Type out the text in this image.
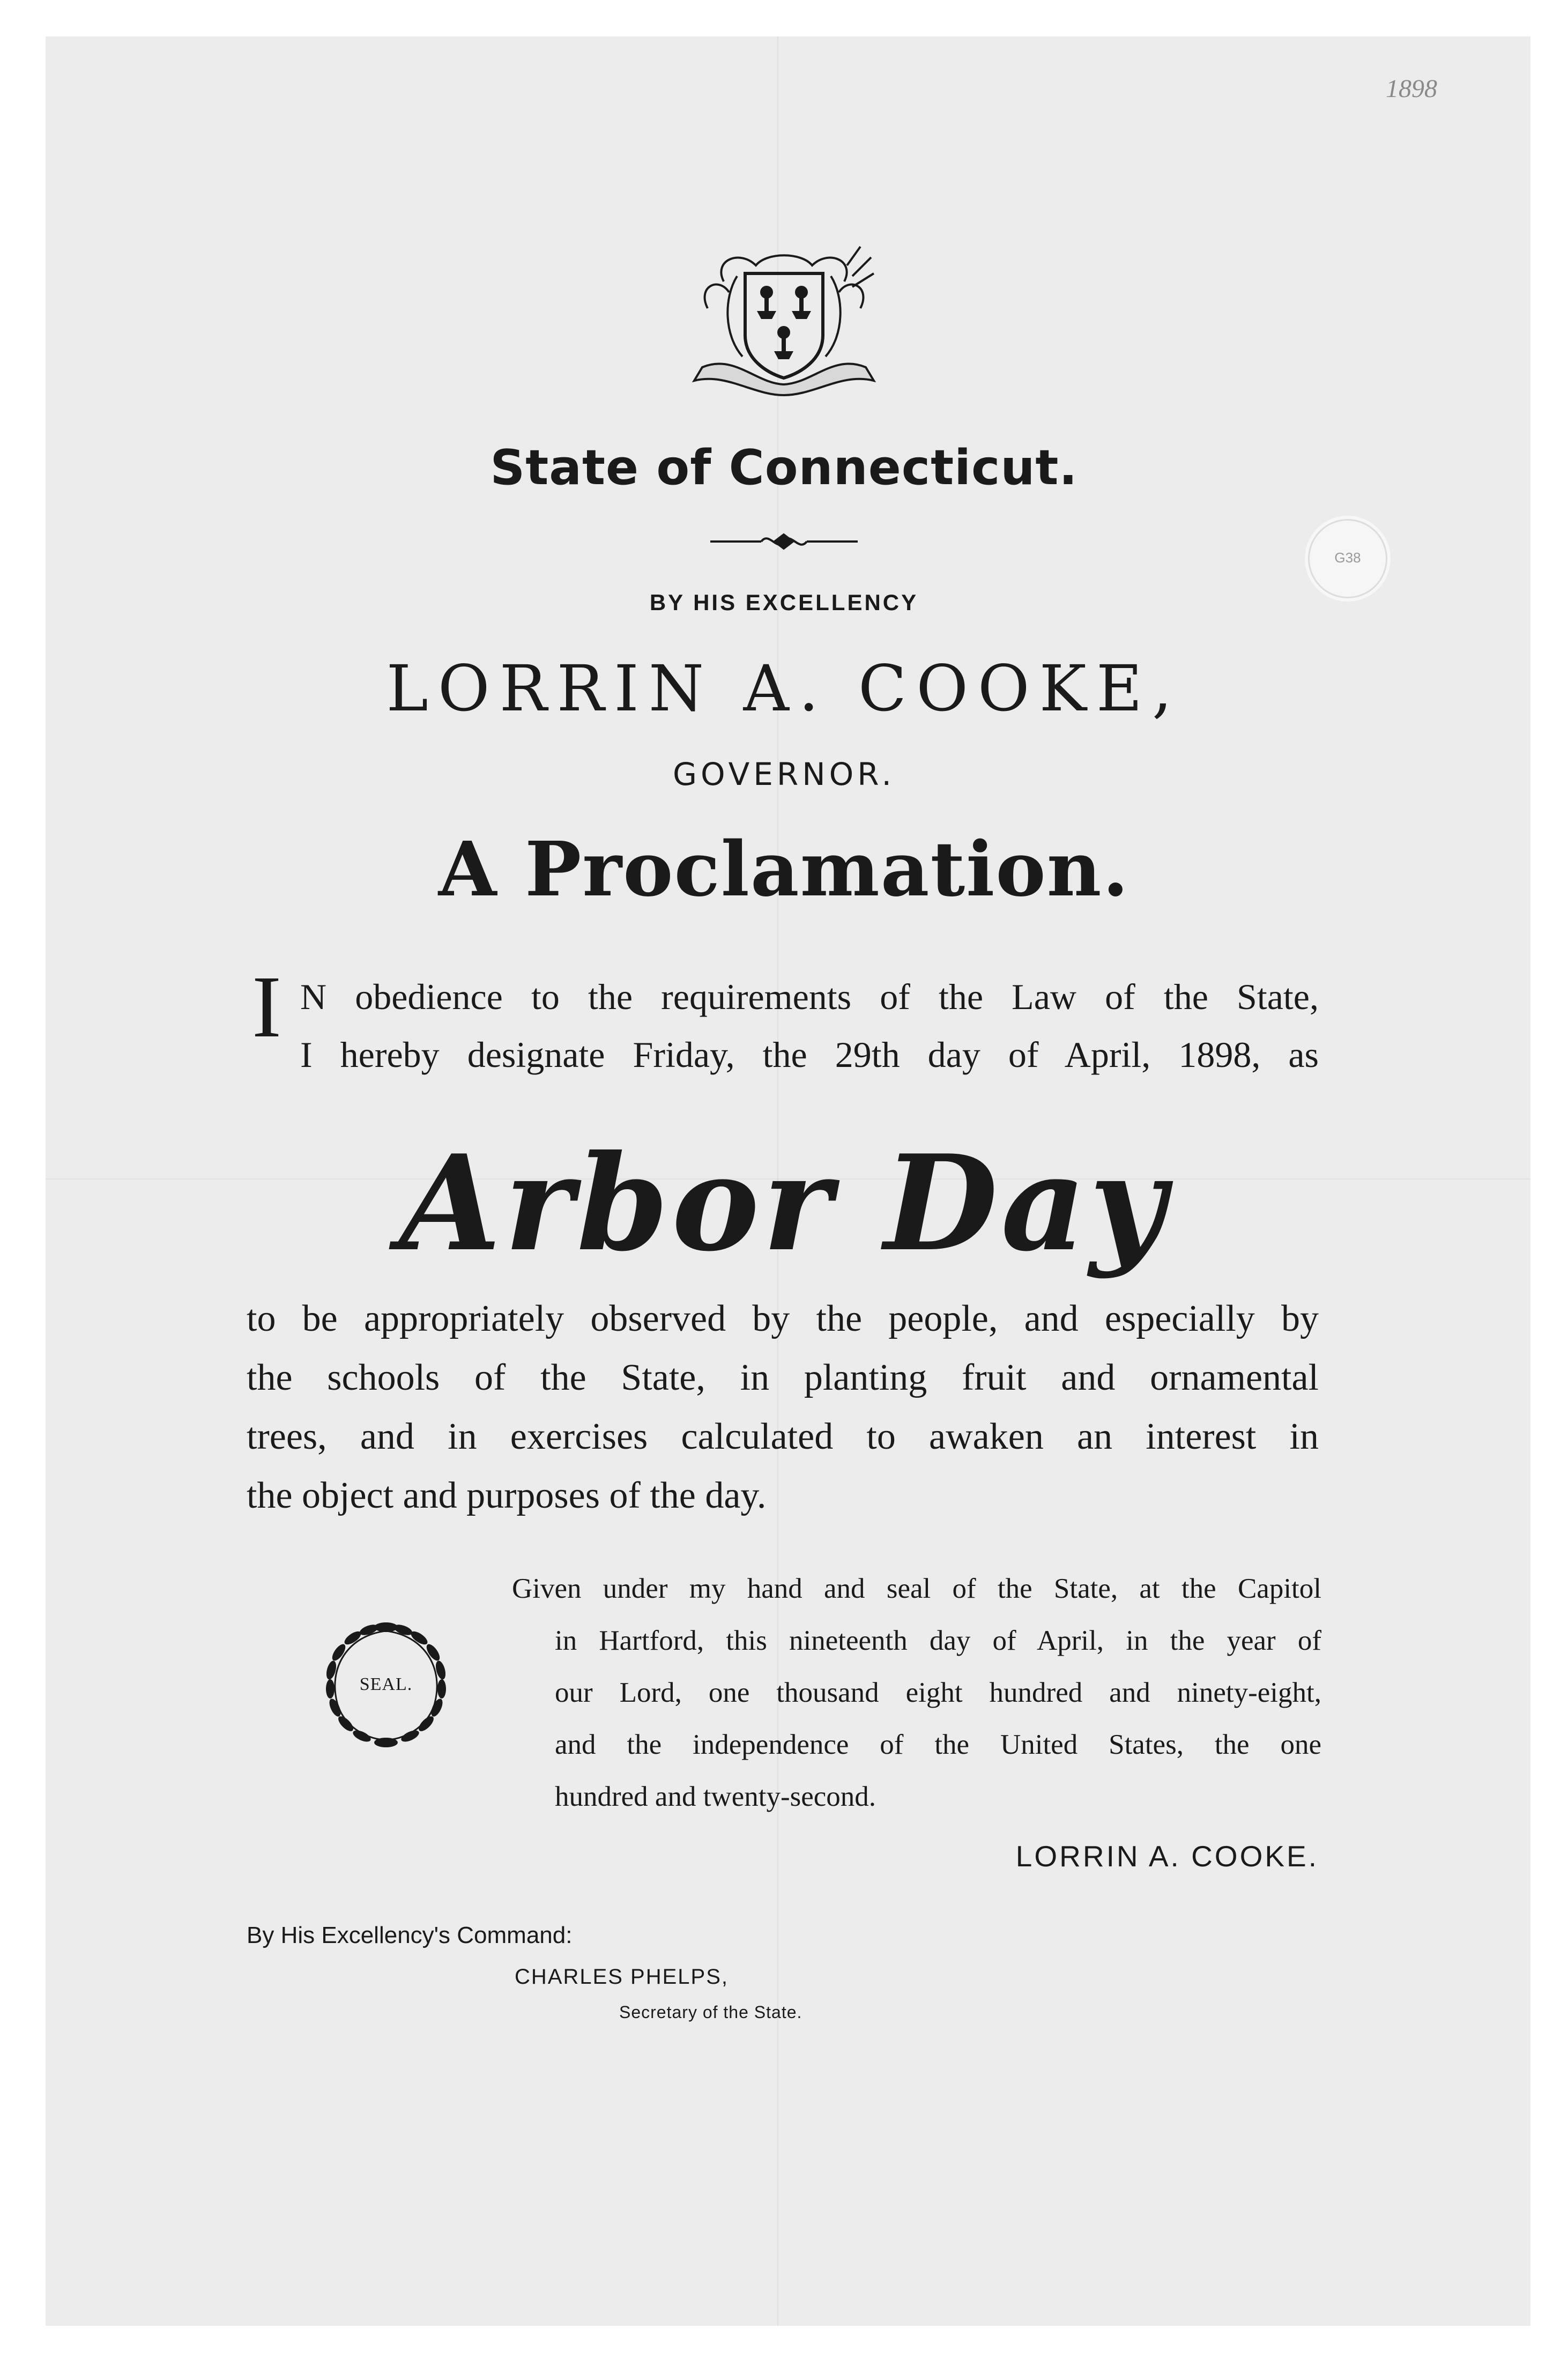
1898
G38
State of Connecticut.
BY HIS EXCELLENCY
LORRIN A. COOKE,
GOVERNOR.
A Proclamation.
I N obedience to the requirements of the Law of the State,
I hereby designate Friday, the 29th day of April, 1898, as
Arbor Day
to be appropriately observed by the people, and especially by
the schools of the State, in planting fruit and ornamental
trees, and in exercises calculated to awaken an interest in
the object and purposes of the day.
SEAL.
Given under my hand and seal of the State, at the Capitol
in Hartford, this nineteenth day of April, in the year of
our Lord, one thousand eight hundred and ninety-eight,
and the independence of the United States, the one
hundred and twenty-second.
LORRIN A. COOKE.
By His Excellency's Command:
CHARLES PHELPS,
Secretary of the State.
